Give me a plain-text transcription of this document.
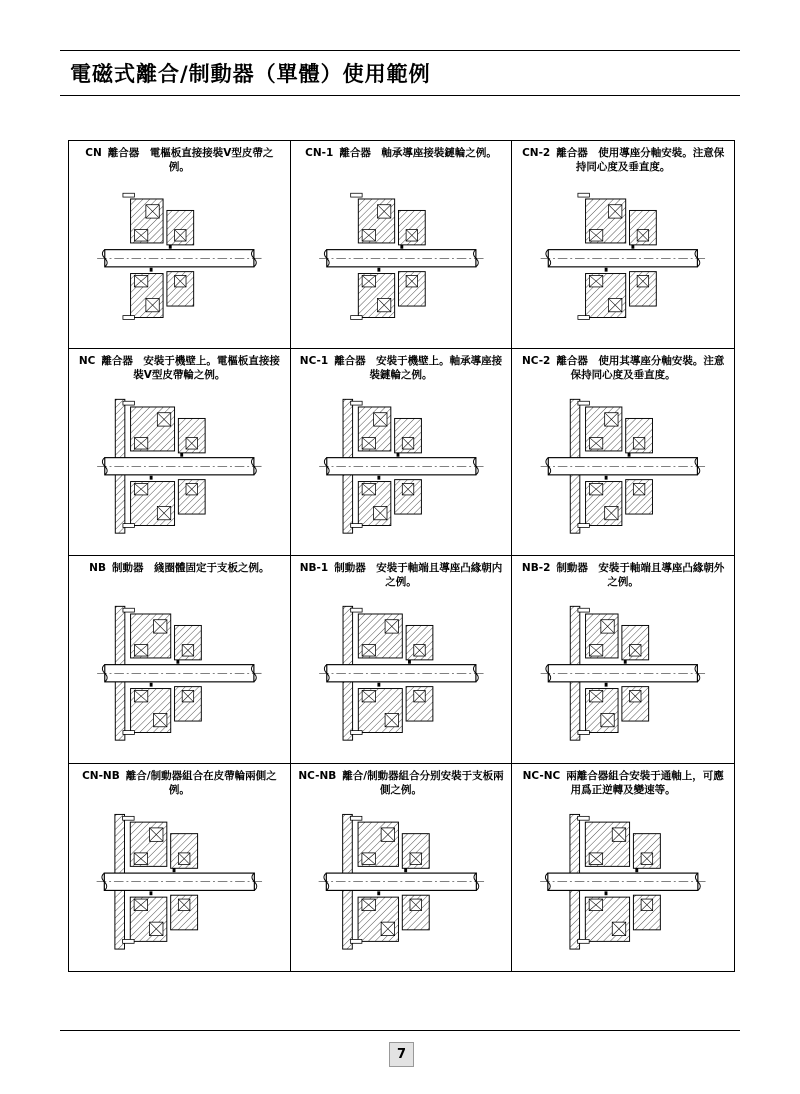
電磁式離合/制動器（單體）使用範例
CN 離合器　電樞板直接接裝V型皮帶之例。
CN-1 離合器　軸承導座接裝鏈輪之例。	CN-2 離合器　使用導座分軸安裝。注意保持同心度及垂直度。
NC 離合器　安裝于機壁上。電樞板直接接裝V型皮帶輪之例。
NC-1 離合器　安裝于機壁上。軸承導座接裝鏈輪之例。
NC-2 離合器　使用其導座分軸安裝。注意保持同心度及垂直度。
NB 制動器　綫圈體固定于支板之例。	NB-1 制動器　安裝于軸端且導座凸緣朝内之例。
NB-2 制動器　安裝于軸端且導座凸緣朝外之例。
CN-NB 離合/制動器組合在皮帶輪兩側之例。
NC-NB 離合/制動器組合分别安裝于支板兩側之例。
NC-NC 兩離合器組合安裝于通軸上，可應用爲正逆轉及變速等。
7
